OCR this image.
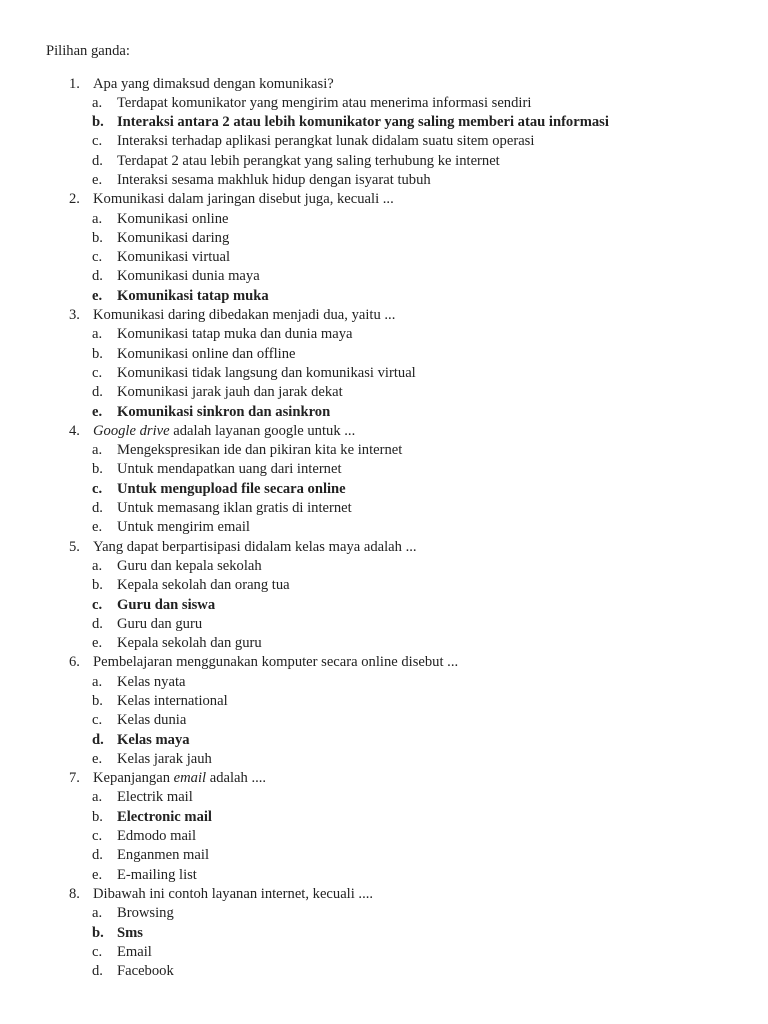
Pilihan ganda:
1. Apa yang dimaksud dengan komunikasi?
a.	Terdapat komunikator yang mengirim atau menerima informasi sendiri
b. Interaksi antara 2 atau lebih komunikator yang saling memberi atau informasi
c.	Interaksi terhadap aplikasi perangkat lunak didalam suatu sitem operasi
d. Terdapat 2 atau lebih perangkat yang saling terhubung ke internet
e.	Interaksi sesama makhluk hidup dengan isyarat tubuh
2. Komunikasi dalam jaringan disebut juga, kecuali ...
a.	Komunikasi online
b. Komunikasi daring
c.	Komunikasi virtual
d. Komunikasi dunia maya
e.	Komunikasi tatap muka
3. Komunikasi daring dibedakan menjadi dua, yaitu ...
a.	Komunikasi tatap muka dan dunia maya
b. Komunikasi online dan offline
c.	Komunikasi tidak langsung dan komunikasi virtual
d. Komunikasi jarak jauh dan jarak dekat
e.	Komunikasi sinkron dan asinkron
4. Google drive adalah layanan google untuk ...
a.	Mengekspresikan ide dan pikiran kita ke internet
b. Untuk mendapatkan uang dari internet
c.	Untuk mengupload file secara online
d. Untuk memasang iklan gratis di internet
e.	Untuk mengirim email
5. Yang dapat berpartisipasi didalam kelas maya adalah ...
a.	Guru dan kepala sekolah
b. Kepala sekolah dan orang tua
c.	Guru dan siswa
d. Guru dan guru
e.	Kepala sekolah dan guru
6. Pembelajaran menggunakan komputer secara online disebut ...
a.	Kelas nyata
b. Kelas international
c.	Kelas dunia
d. Kelas maya
e.	Kelas jarak jauh
7. Kepanjangan email adalah ....
a.	Electrik mail
b. Electronic mail
c.	Edmodo mail
d. Enganmen mail
e.	E-mailing list
8. Dibawah ini contoh layanan internet, kecuali ....
a.	Browsing
b. Sms
c.	Email
d. Facebook
